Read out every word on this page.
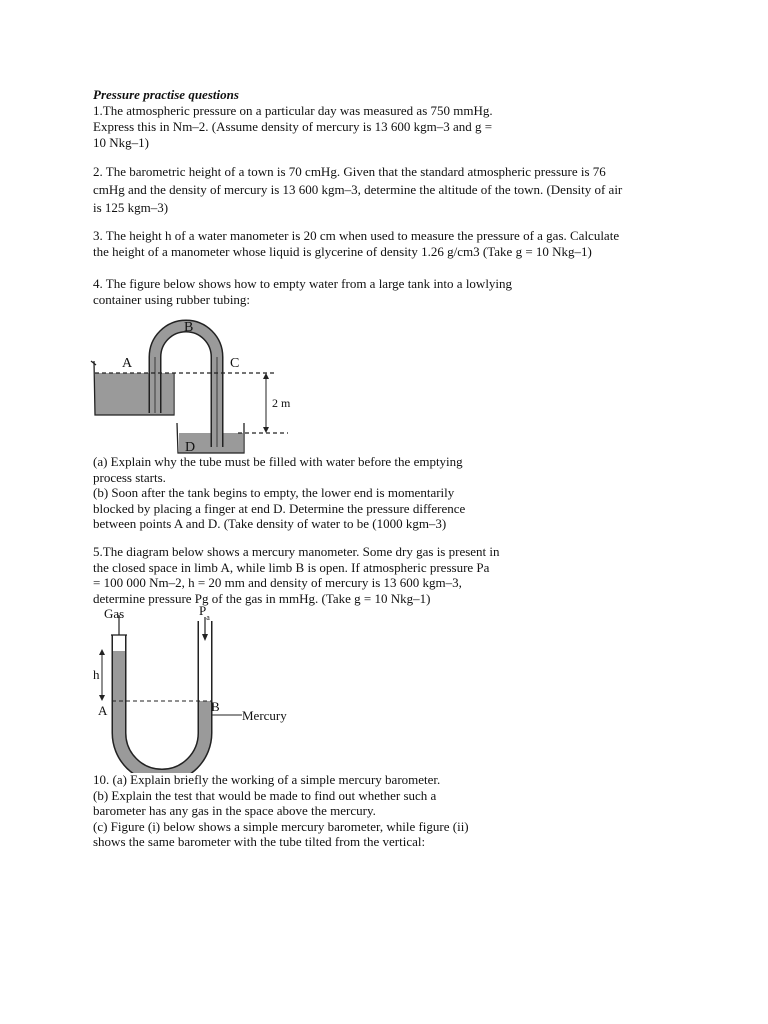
Pressure practise questions

1.The atmospheric pressure on a particular day was measured as 750 mmHg.
Express this in Nm–2. (Assume density of mercury is 13 600 kgm–3 and g =
10 Nkg–1)

2. The barometric height of a town is 70 cmHg. Given that the standard atmospheric pressure is 76
cmHg and the density of mercury is 13 600 kgm–3, determine the altitude of the town. (Density of air
is 125 kgm–3)

3. The height h of a water manometer is 20 cm when used to measure the pressure of a gas. Calculate
the height of a manometer whose liquid is glycerine of density 1.26 g/cm3 (Take g = 10 Nkg–1)

4. The figure below shows how to empty water from a large tank into a lowlying
container using rubber tubing:

2 m
A
B
C
D

(a) Explain why the tube must be filled with water before the emptying
process starts.
(b) Soon after the tank begins to empty, the lower end is momentarily
blocked by placing a finger at end D. Determine the pressure difference
between points A and D. (Take density of water to be (1000 kgm–3)

5.The diagram below shows a mercury manometer. Some dry gas is present in
the closed space in limb A, while limb B is open. If atmospheric pressure Pa
= 100 000 Nm–2, h = 20 mm and density of mercury is 13 600 kgm–3,
determine pressure Pg of the gas in mmHg. (Take g = 10 Nkg–1)

Gas	$P_a$
h
A	B
Mercury

10. (a) Explain briefly the working of a simple mercury barometer.
(b) Explain the test that would be made to find out whether such a
barometer has any gas in the space above the mercury.
(c) Figure (i) below shows a simple mercury barometer, while figure (ii)
shows the same barometer with the tube tilted from the vertical:
